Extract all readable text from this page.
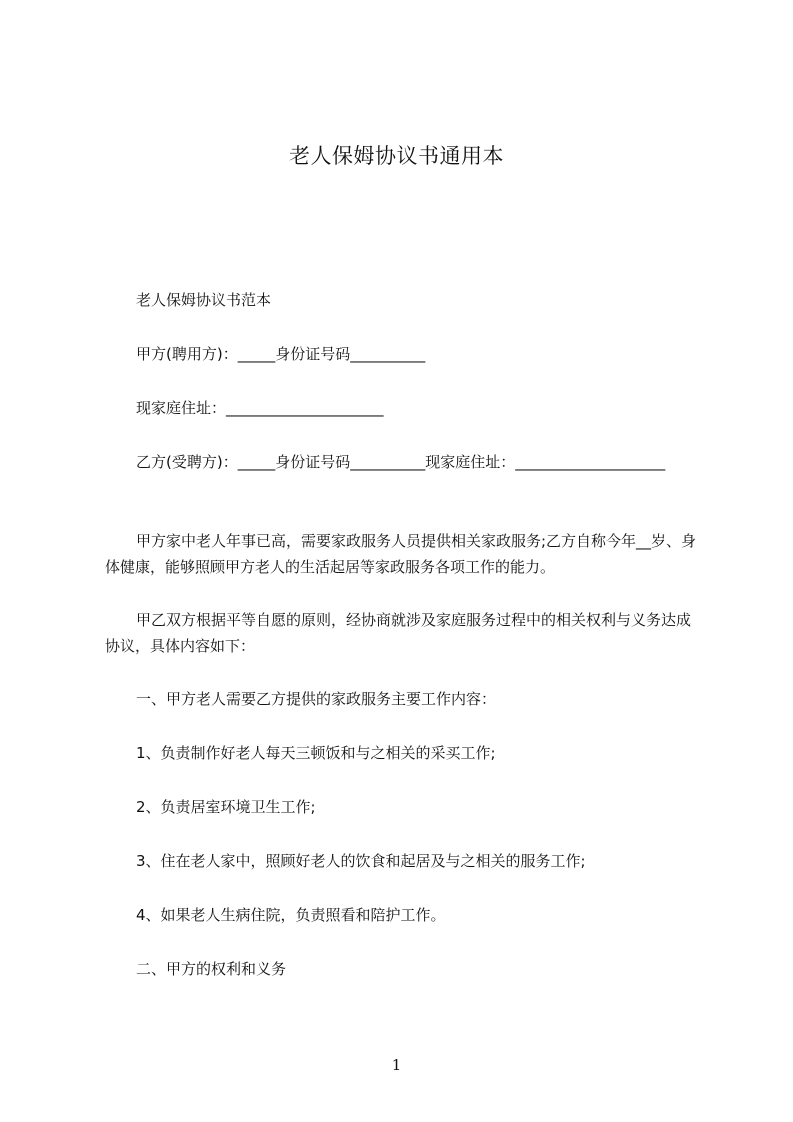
老人保姆协议书通用本
老人保姆协议书范本
甲方(聘用方)：_____身份证号码__________
现家庭住址：_____________________
乙方(受聘方)：_____身份证号码__________现家庭住址：____________________
甲方家中老人年事已高，需要家政服务人员提供相关家政服务;乙方自称今年__岁、身体健康，能够照顾甲方老人的生活起居等家政服务各项工作的能力。
甲乙双方根据平等自愿的原则，经协商就涉及家庭服务过程中的相关权利与义务达成协议，具体内容如下：
一、甲方老人需要乙方提供的家政服务主要工作内容：
1、负责制作好老人每天三顿饭和与之相关的采买工作;
2、负责居室环境卫生工作;
3、住在老人家中，照顾好老人的饮食和起居及与之相关的服务工作;
4、如果老人生病住院，负责照看和陪护工作。
二、甲方的权利和义务
1
